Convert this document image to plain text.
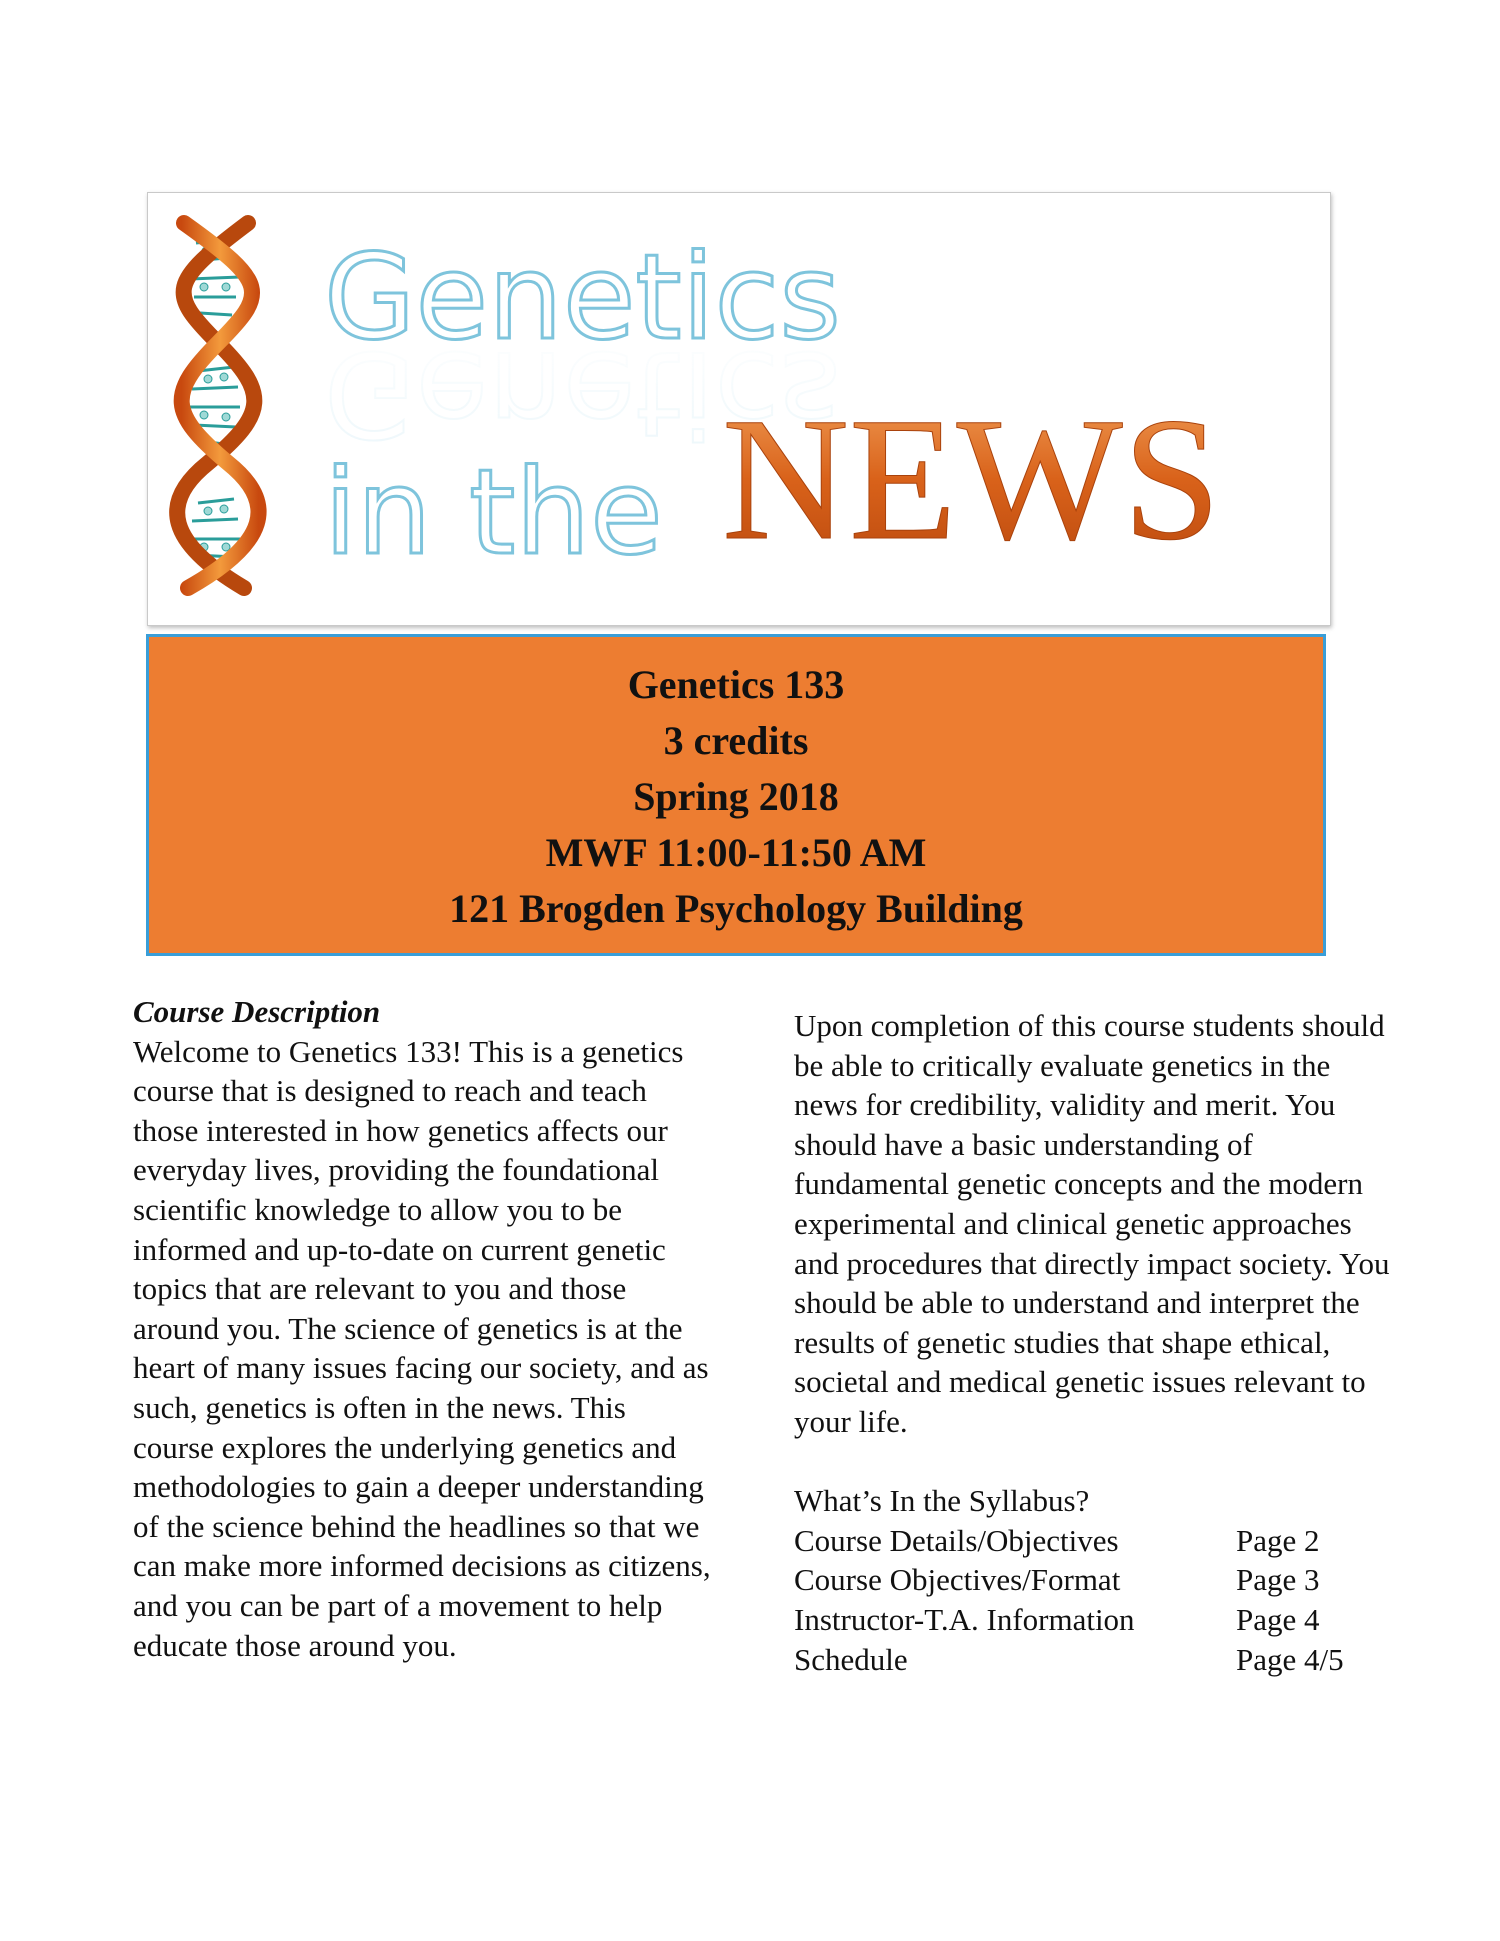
Genetics
Genetics
in the NEWS
Genetics 133
3 credits
Spring 2018
MWF 11:00-11:50 AM
121 Brogden Psychology Building
Course Description

Welcome to Genetics 133! This is a genetics course that is designed to reach and teach those interested in how genetics affects our everyday lives, providing the foundational scientific knowledge to allow you to be informed and up-to-date on current genetic topics that are relevant to you and those around you. The science of genetics is at the heart of many issues facing our society, and as such, genetics is often in the news. This course explores the underlying genetics and methodologies to gain a deeper understanding of the science behind the headlines so that we can make more informed decisions as citizens, and you can be part of a movement to help educate those around you.

Upon completion of this course students should be able to critically evaluate genetics in the news for credibility, validity and merit. You should have a basic understanding of fundamental genetic concepts and the modern experimental and clinical genetic approaches and procedures that directly impact society. You should be able to understand and interpret the results of genetic studies that shape ethical, societal and medical genetic issues relevant to your life.

What’s In the Syllabus?
Course Details/Objectives	Page 2
Course Objectives/Format	Page 3
Instructor-T.A. Information	Page 4
Schedule	Page 4/5
